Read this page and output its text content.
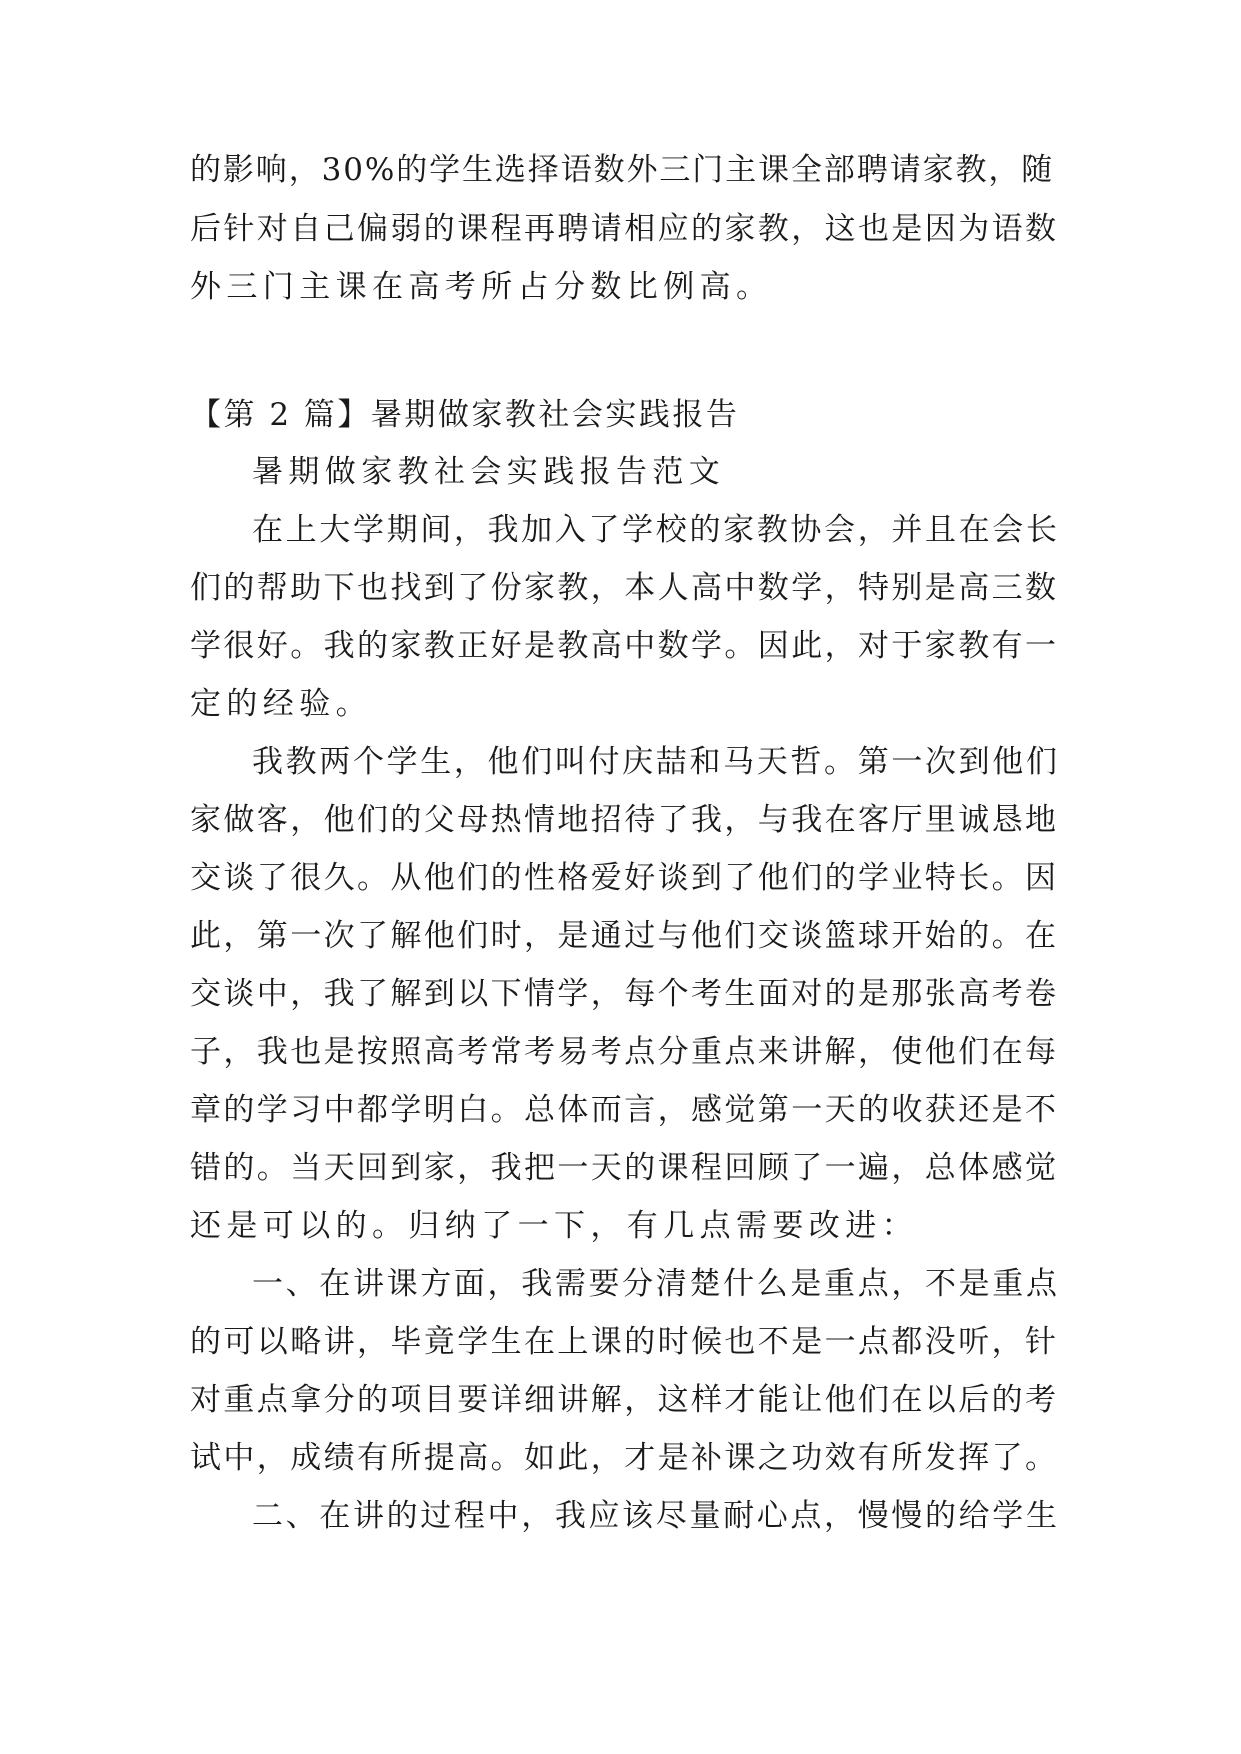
的影响，30%的学生选择语数外三门主课全部聘请家教，随
后针对自己偏弱的课程再聘请相应的家教，这也是因为语数
外三门主课在高考所占分数比例高。
【第 2 篇】暑期做家教社会实践报告
暑期做家教社会实践报告范文
在上大学期间，我加入了学校的家教协会，并且在会长
们的帮助下也找到了份家教，本人高中数学，特别是高三数
学很好。我的家教正好是教高中数学。因此，对于家教有一
定的经验。
我教两个学生，他们叫付庆喆和马天哲。第一次到他们
家做客，他们的父母热情地招待了我，与我在客厅里诚恳地
交谈了很久。从他们的性格爱好谈到了他们的学业特长。因
此，第一次了解他们时，是通过与他们交谈篮球开始的。在
交谈中，我了解到以下情学，每个考生面对的是那张高考卷
子，我也是按照高考常考易考点分重点来讲解，使他们在每
章的学习中都学明白。总体而言，感觉第一天的收获还是不
错的。当天回到家，我把一天的课程回顾了一遍，总体感觉
还是可以的。归纳了一下，有几点需要改进：
一、在讲课方面，我需要分清楚什么是重点，不是重点
的可以略讲，毕竟学生在上课的时候也不是一点都没听，针
对重点拿分的项目要详细讲解，这样才能让他们在以后的考
试中，成绩有所提高。如此，才是补课之功效有所发挥了。
二、在讲的过程中，我应该尽量耐心点，慢慢的给学生
